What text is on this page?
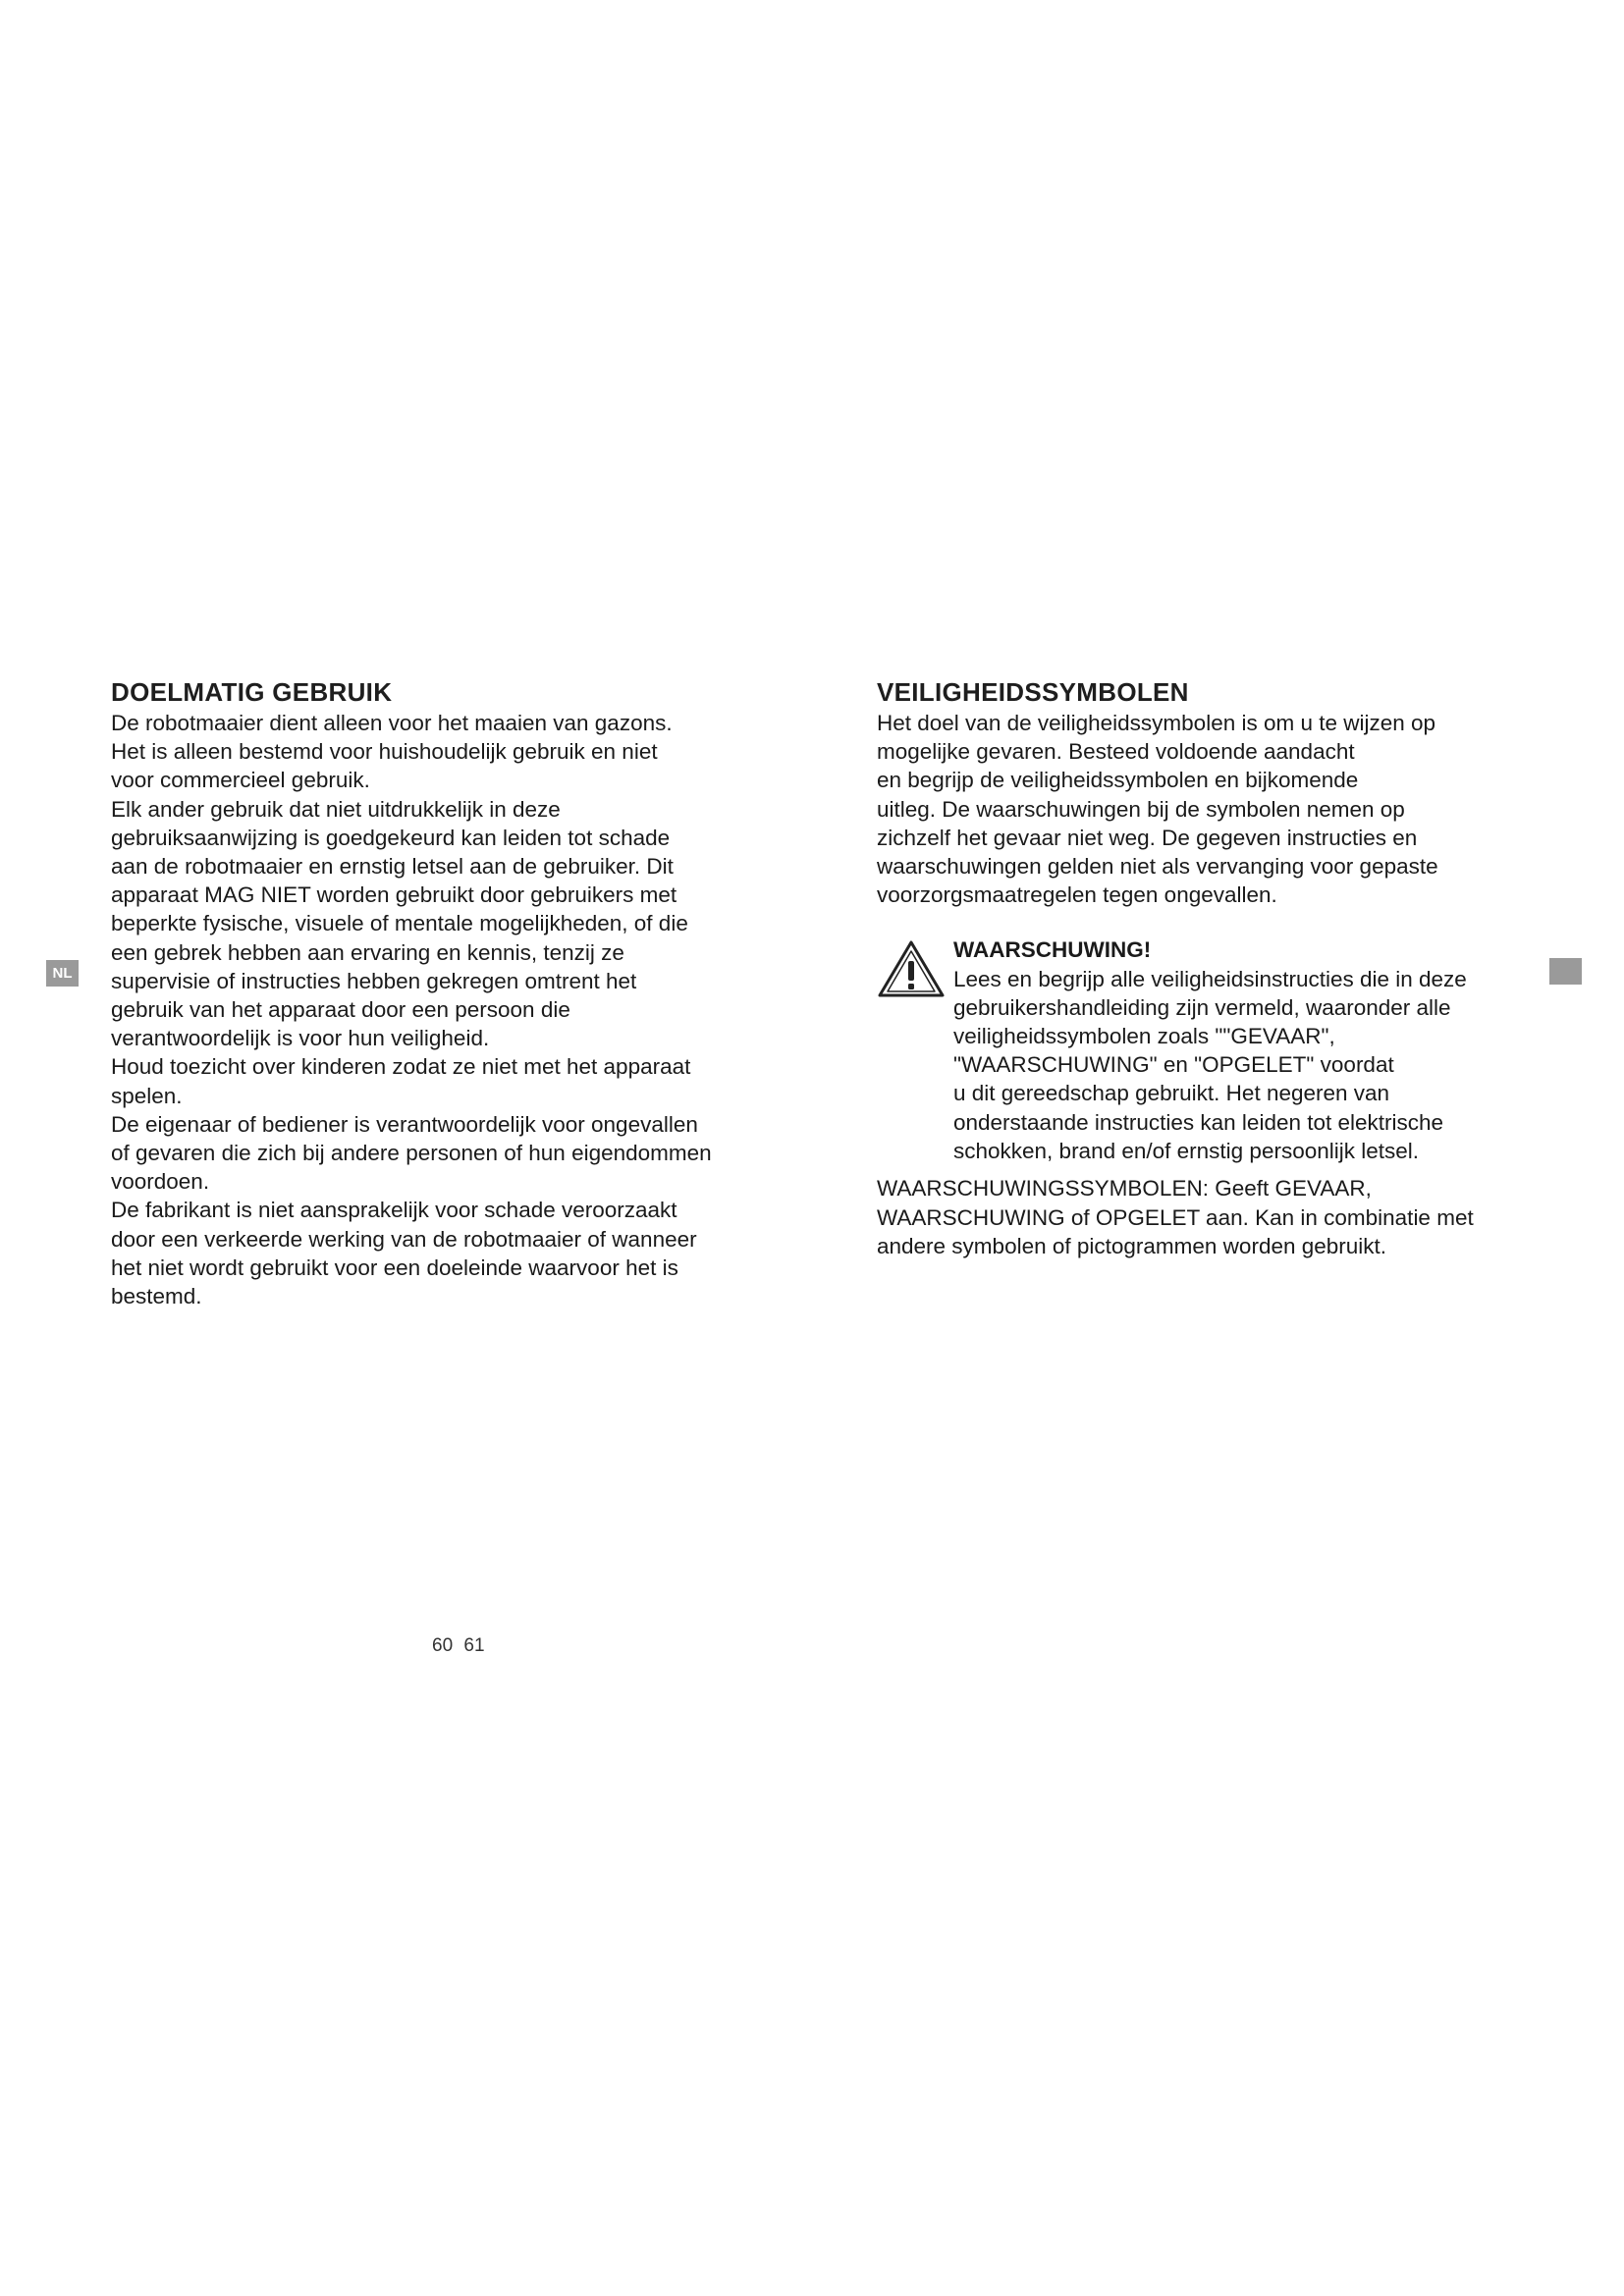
NL
DOELMATIG GEBRUIK
De robotmaaier dient alleen voor het maaien van gazons.
Het is alleen bestemd voor huishoudelijk gebruik en niet
voor commercieel gebruik.
Elk ander gebruik dat niet uitdrukkelijk in deze
gebruiksaanwijzing is goedgekeurd kan leiden tot schade
aan de robotmaaier en ernstig letsel aan de gebruiker. Dit
apparaat MAG NIET worden gebruikt door gebruikers met
beperkte fysische, visuele of mentale mogelijkheden, of die
een gebrek hebben aan ervaring en kennis, tenzij ze
supervisie of instructies hebben gekregen omtrent het
gebruik van het apparaat door een persoon die
verantwoordelijk is voor hun veiligheid.
Houd toezicht over kinderen zodat ze niet met het apparaat
spelen.
De eigenaar of bediener is verantwoordelijk voor ongevallen
of gevaren die zich bij andere personen of hun eigendommen
voordoen.
De fabrikant is niet aansprakelijk voor schade veroorzaakt
door een verkeerde werking van de robotmaaier of wanneer
het niet wordt gebruikt voor een doeleinde waarvoor het is
bestemd.
VEILIGHEIDSSYMBOLEN
Het doel van de veiligheidssymbolen is om u te wijzen op
mogelijke gevaren. Besteed voldoende aandacht
en begrijp de veiligheidssymbolen en bijkomende
uitleg. De waarschuwingen bij de symbolen nemen op
zichzelf het gevaar niet weg. De gegeven instructies en
waarschuwingen gelden niet als vervanging voor gepaste
voorzorgsmaatregelen tegen ongevallen.
WAARSCHUWING!
Lees en begrijp alle veiligheidsinstructies die in deze
gebruikershandleiding zijn vermeld, waaronder alle
veiligheidssymbolen zoals ""GEVAAR",
"WAARSCHUWING" en "OPGELET" voordat
u dit gereedschap gebruikt. Het negeren van
onderstaande instructies kan leiden tot elektrische
schokken, brand en/of ernstig persoonlijk letsel.
WAARSCHUWINGSSYMBOLEN: Geeft GEVAAR,
WAARSCHUWING of OPGELET aan. Kan in combinatie met
andere symbolen of pictogrammen worden gebruikt.
60 61
